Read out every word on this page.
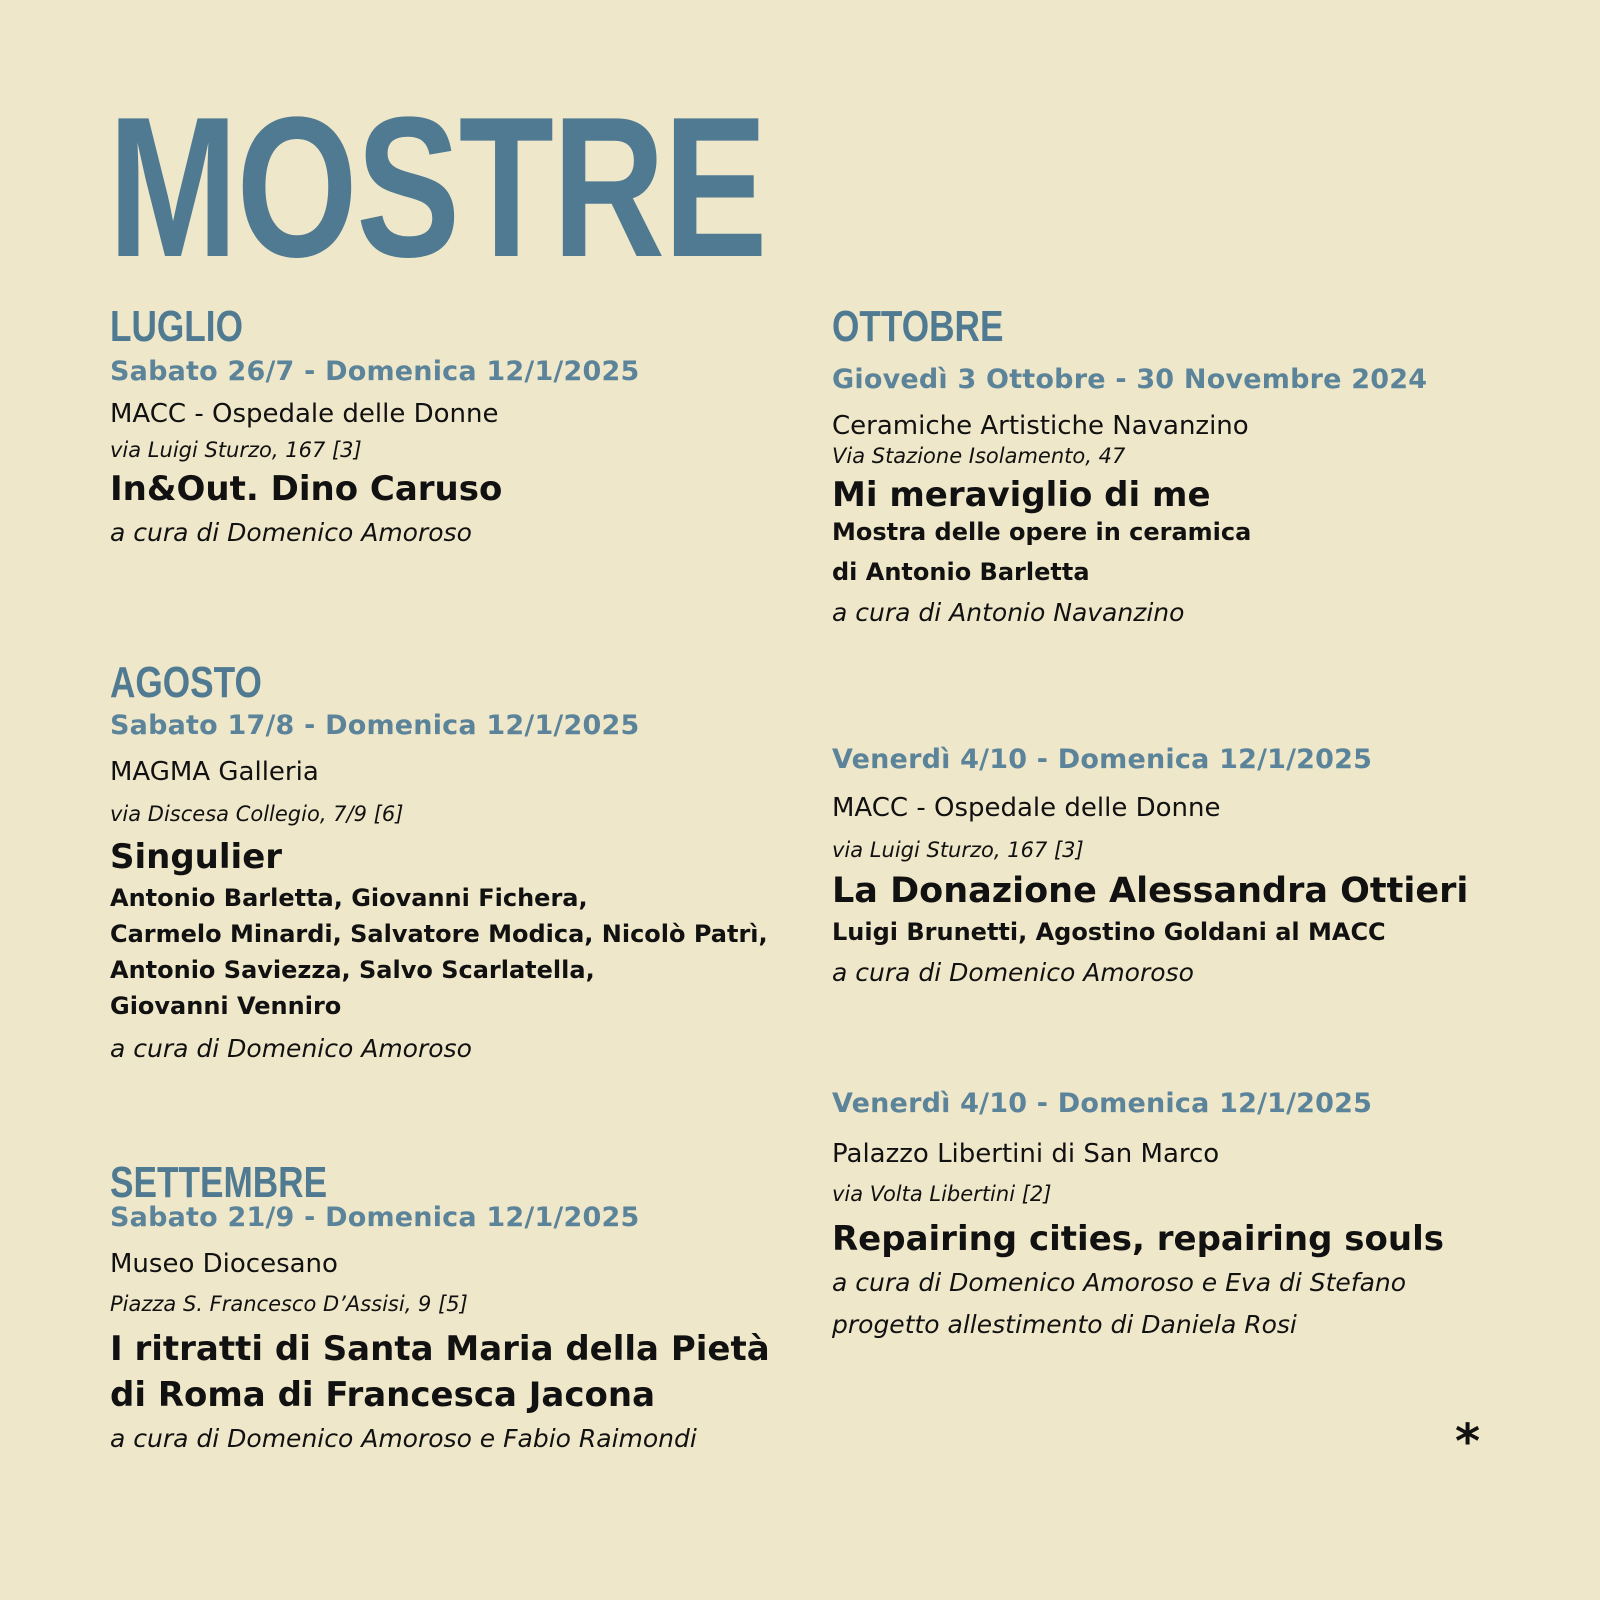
MOSTRE
LUGLIO
Sabato 26/7 - Domenica 12/1/2025
MACC - Ospedale delle Donne
via Luigi Sturzo, 167 [3]
In&Out. Dino Caruso
a cura di Domenico Amoroso
AGOSTO
Sabato 17/8 - Domenica 12/1/2025
MAGMA Galleria
via Discesa Collegio, 7/9 [6]
Singulier
Antonio Barletta, Giovanni Fichera,
Carmelo Minardi, Salvatore Modica, Nicolò Patrì,
Antonio Saviezza, Salvo Scarlatella,
Giovanni Vennirо
a cura di Domenico Amoroso
SETTEMBRE
Sabato 21/9 - Domenica 12/1/2025
Museo Diocesano
Piazza S. Francesco D’Assisi, 9 [5]
I ritratti di Santa Maria della Pietà
di Roma di Francesca Jacona
a cura di Domenico Amoroso e Fabio Raimondi
OTTOBRE
Giovedì 3 Ottobre - 30 Novembre 2024
Ceramiche Artistiche Navanzino
Via Stazione Isolamento, 47
Mi meraviglio di me
Mostra delle opere in ceramica
di Antonio Barletta
a cura di Antonio Navanzino
Venerdì 4/10 - Domenica 12/1/2025
MACC - Ospedale delle Donne
via Luigi Sturzo, 167 [3]
La Donazione Alessandra Ottieri
Luigi Brunetti, Agostino Goldani al MACC
a cura di Domenico Amoroso
Venerdì 4/10 - Domenica 12/1/2025
Palazzo Libertini di San Marco
via Volta Libertini [2]
Repairing cities, repairing souls
a cura di Domenico Amoroso e Eva di Stefano
progetto allestimento di Daniela Rosi
*
